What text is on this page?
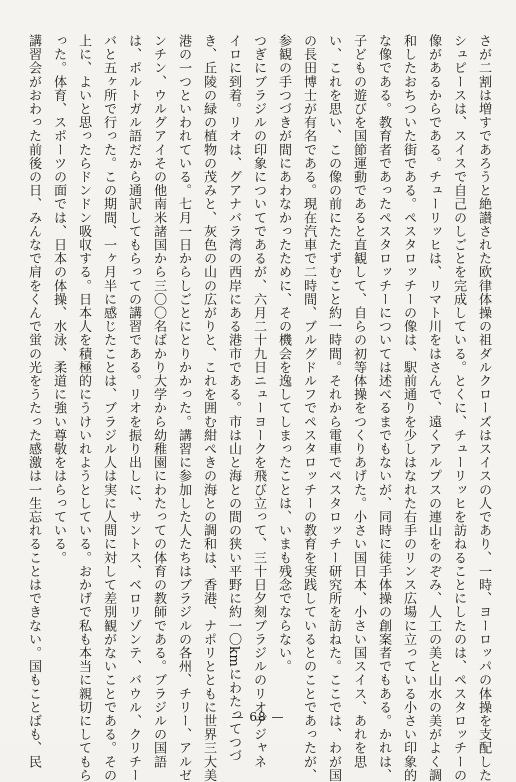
さが二割は増すであろうと絶讃された欧律体操の祖ダルクローズはスイスの人であり、一時、ヨーロッパの体操を支配した
シュピースは、スイスで自己のしごとを完成している。とくに、チューリッヒを訪ねることにしたのは、ペスタロッチーの
像があるからである。チューリッヒは、リマト川をはさんで、遠くアルプスの連山をのぞみ、人工の美と山水の美がよく調
和したおちついた街である。ペスタロッチーの像は、駅前通りを少しはなれた右手のリンス広場に立っている小さい印象的
な像である。教育者であったペスタロッチーについては述べるまでもないが、同時に徒手体操の創案者でもある。かれは、
子どもの遊びを国節運動であると直観して、自らの初等体操をつくりあげた。小さい国日本、小さい国スイス、あれを思
い、これを思い、この像の前にたたずむこと約一時間。それから電車でペスタロッチー研究所を訪ねた。ここでは、わが国
の長田博士が有名である。現在汽車で二時間、ブルグドルフでペスタロッチーの教育を実践しているとのことであったが、
参観の手つづきが間にあわなかったために、その機会を逸してしまったことは、いまも残念でならない。
つぎにブラジルの印象についてであるが、六月二十九日ニューヨークを飛び立って、三十日夕刻ブラジルのリオデジャネ
イロに到着。リオは、グアナバラ湾の西岸にある港市である。市は山と海との間の狭い平野に約一〇kmにわたってつづ
き、丘陵の緑の植物の茂みと、灰色の山の広がりと、これを囲む紺ぺきの海との調和は、香港、ナポリとともに世界三大美
港の一つといわれている。七月一日からしごとにとりかかった。講習に参加した人たちはブラジルの各州、チリー、アルゼ
ンチン、ウルグアイその他南米諸国から三〇〇名ばかり大学から幼稚園にわたっての体育の教師である。ブラジルの国語
は、ポルトガル語だから通訳してもらっての講習である。リオを振り出しに、サントス、ベロリゾンテ、バウル、クリチー
バと五ヶ所で行った。この期間、一ヶ月半に感じたことは、ブラジル人は実に人間に対して差別観がないことである。その
上に、よいと思ったらドンドン吸収する。日本人を積極的にうけいれようとしている。おかげで私も本当に親切にしてもら
った。体育、スポーツの面では、日本の体操、水泳、柔道に強い尊敬をはらっている。
講習会がおわった前後の日、みんなで肩をくんで蛍の光をうたった感激は一生忘れることはできない。国もことばも、民	— 68 —
